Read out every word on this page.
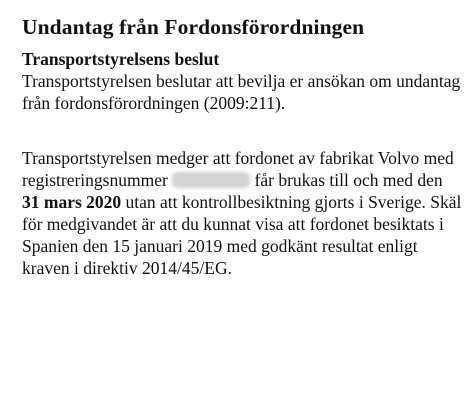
Undantag från Fordonsförordningen
Transportstyrelsens beslut

Transportstyrelsen beslutar att bevilja er ansökan om undantag från fordonsförordningen (2009:211).

Transportstyrelsen medger att fordonet av fabrikat Volvo med registreringsnummer	får brukas till och med den 31 mars 2020 utan att kontrollbesiktning gjorts i Sverige. Skäl för medgivandet är att du kunnat visa att fordonet besiktats i Spanien den 15 januari 2019 med godkänt resultat enligt kraven i direktiv 2014/45/EG.
